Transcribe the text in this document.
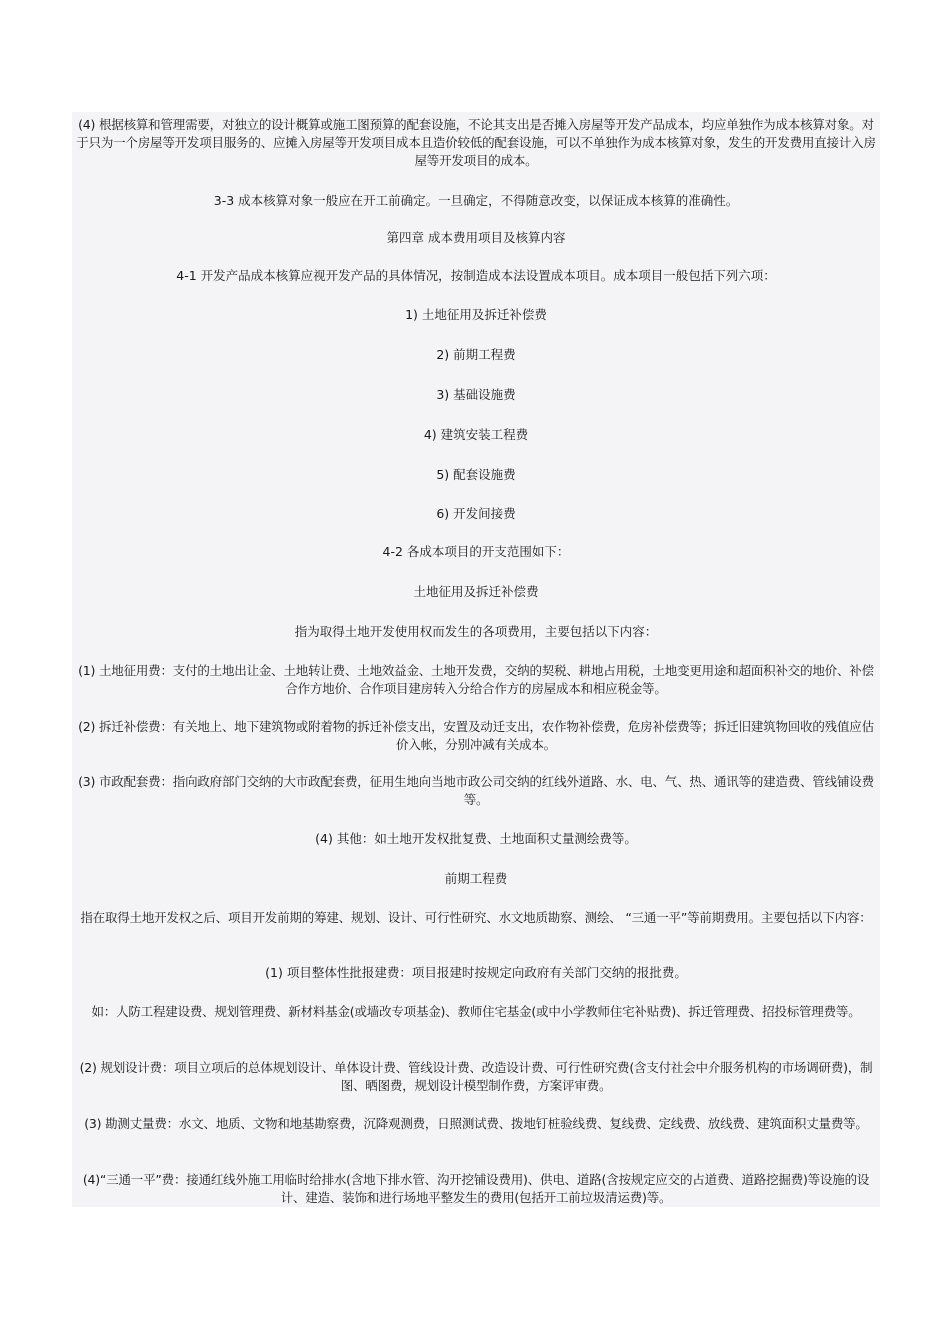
(4) 根据核算和管理需要，对独立的设计概算或施工图预算的配套设施，不论其支出是否摊入房屋等开发产品成本，均应单独作为成本核算对象。对于只为一个房屋等开发项目服务的、应摊入房屋等开发项目成本且造价较低的配套设施，可以不单独作为成本核算对象，发生的开发费用直接计入房屋等开发项目的成本。
3-3 成本核算对象一般应在开工前确定。一旦确定，不得随意改变，以保证成本核算的准确性。
第四章 成本费用项目及核算内容
4-1 开发产品成本核算应视开发产品的具体情况，按制造成本法设置成本项目。成本项目一般包括下列六项：
1) 土地征用及拆迁补偿费
2) 前期工程费
3) 基础设施费
4) 建筑安装工程费
5) 配套设施费
6) 开发间接费
4-2 各成本项目的开支范围如下：
土地征用及拆迁补偿费
指为取得土地开发使用权而发生的各项费用，主要包括以下内容：
(1) 土地征用费：支付的土地出让金、土地转让费、土地效益金、土地开发费，交纳的契税、耕地占用税，土地变更用途和超面积补交的地价、补偿合作方地价、合作项目建房转入分给合作方的房屋成本和相应税金等。
(2) 拆迁补偿费：有关地上、地下建筑物或附着物的拆迁补偿支出，安置及动迁支出，农作物补偿费，危房补偿费等；拆迁旧建筑物回收的残值应估价入帐，分别冲减有关成本。
(3) 市政配套费：指向政府部门交纳的大市政配套费，征用生地向当地市政公司交纳的红线外道路、水、电、气、热、通讯等的建造费、管线铺设费等。
(4) 其他：如土地开发权批复费、土地面积丈量测绘费等。
前期工程费
指在取得土地开发权之后、项目开发前期的筹建、规划、设计、可行性研究、水文地质勘察、测绘、 “三通一平”等前期费用。主要包括以下内容：
(1) 项目整体性批报建费：项目报建时按规定向政府有关部门交纳的报批费。
如：人防工程建设费、规划管理费、新材料基金(或墙改专项基金)、教师住宅基金(或中小学教师住宅补贴费)、拆迁管理费、招投标管理费等。
(2) 规划设计费：项目立项后的总体规划设计、单体设计费、管线设计费、改造设计费、可行性研究费(含支付社会中介服务机构的市场调研费)，制图、晒图费，规划设计模型制作费，方案评审费。
(3) 勘测丈量费：水文、地质、文物和地基勘察费，沉降观测费，日照测试费、拨地钉桩验线费、复线费、定线费、放线费、建筑面积丈量费等。
(4)“三通一平”费：接通红线外施工用临时给排水(含地下排水管、沟开挖铺设费用)、供电、道路(含按规定应交的占道费、道路挖掘费)等设施的设计、建造、装饰和进行场地平整发生的费用(包括开工前垃圾清运费)等。
